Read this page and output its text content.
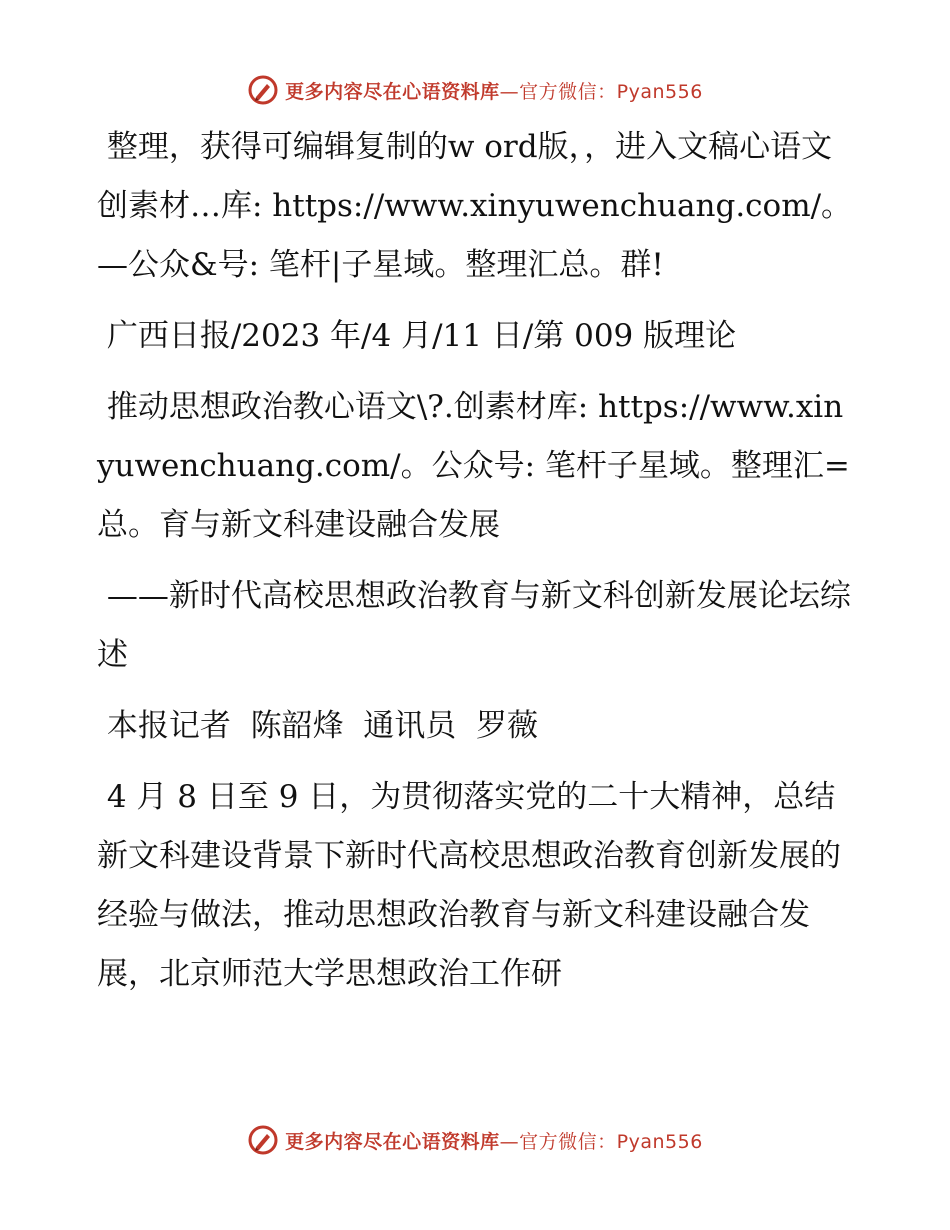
更多内容尽在心语资料库—官方微信：Pyan556

整理，获得可编辑复制的w ord版，，进入文稿心语文创素材…库: https://www.xinyuwenchuang.com/。—公众&号: 笔杆|子星域。整理汇总。群!

广西日报/2023 年/4 月/11 日/第 009 版理论

推动思想政治教心语文\?.创素材库: https://www.xinyuwenchuang.com/。公众号: 笔杆子星域。整理汇=总。育与新文科建设融合发展

——新时代高校思想政治教育与新文科创新发展论坛综述

本报记者  陈韶烽  通讯员  罗薇

4 月 8 日至 9 日，为贯彻落实党的二十大精神，总结新文科建设背景下新时代高校思想政治教育创新发展的经验与做法，推动思想政治教育与新文科建设融合发展，北京师范大学思想政治工作研

更多内容尽在心语资料库—官方微信：Pyan556
